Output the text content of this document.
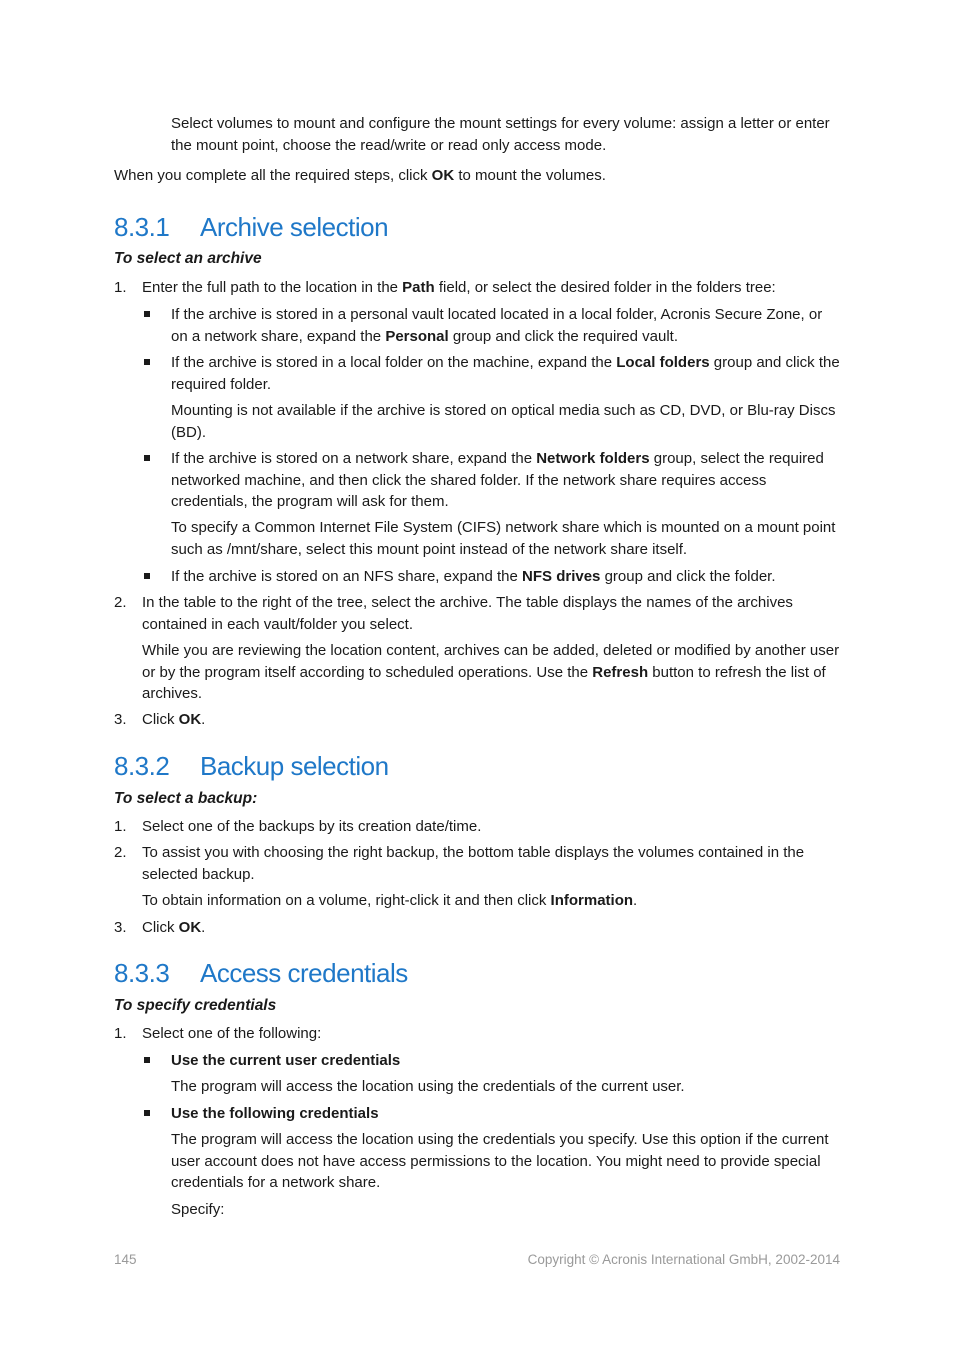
Select volumes to mount and configure the mount settings for every volume: assign a letter or enter the mount point, choose the read/write or read only access mode.

When you complete all the required steps, click OK to mount the volumes.

8.3.1	Archive selection

To select an archive

1. Enter the full path to the location in the Path field, or select the desired folder in the folders tree:
If the archive is stored in a personal vault located located in a local folder, Acronis Secure Zone, or on a network share, expand the Personal group and click the required vault.
If the archive is stored in a local folder on the machine, expand the Local folders group and click the required folder.

Mounting is not available if the archive is stored on optical media such as CD, DVD, or Blu-ray Discs (BD).

If the archive is stored on a network share, expand the Network folders group, select the required networked machine, and then click the shared folder. If the network share requires access credentials, the program will ask for them.

To specify a Common Internet File System (CIFS) network share which is mounted on a mount point such as /mnt/share, select this mount point instead of the network share itself.

If the archive is stored on an NFS share, expand the NFS drives group and click the folder.
2. In the table to the right of the tree, select the archive. The table displays the names of the archives contained in each vault/folder you select.

While you are reviewing the location content, archives can be added, deleted or modified by another user or by the program itself according to scheduled operations. Use the Refresh button to refresh the list of archives.

3. Click OK.
8.3.2	Backup selection

To select a backup:

1. Select one of the backups by its creation date/time.
2. To assist you with choosing the right backup, the bottom table displays the volumes contained in the selected backup.

To obtain information on a volume, right-click it and then click Information.

3. Click OK.
8.3.3	Access credentials

To specify credentials

1. Select one of the following:
Use the current user credentials

The program will access the location using the credentials of the current user.

Use the following credentials

The program will access the location using the credentials you specify. Use this option if the current user account does not have access permissions to the location. You might need to provide special credentials for a network share.

Specify:

145	Copyright © Acronis International GmbH, 2002-2014
